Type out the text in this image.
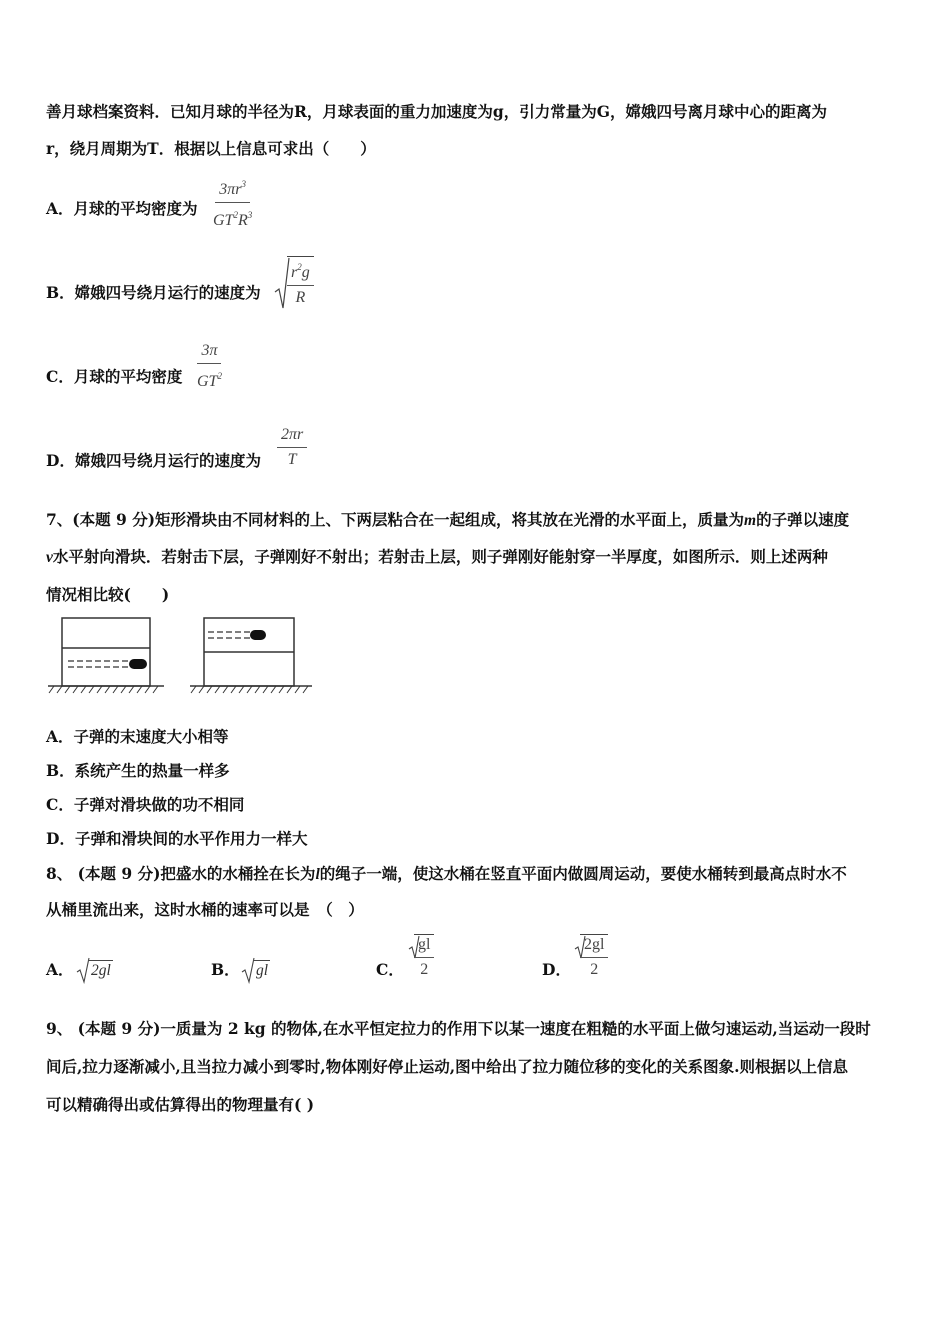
善月球档案资料．已知月球的半径为R，月球表面的重力加速度为g，引力常量为G，嫦娥四号离月球中心的距离为
r，绕月周期为T．根据以上信息可求出（　　）
A．月球的平均密度为 $\frac{3\pi r^3}{GT^2R^3}$
B．嫦娥四号绕月运行的速度为 $\frac{r^2g}{R}$
C．月球的平均密度 $\frac{3\pi}{GT^2}$
D．嫦娥四号绕月运行的速度为 $\frac{2\pi r}{T}$
7、(本题 9 分)矩形滑块由不同材料的上、下两层粘合在一起组成，将其放在光滑的水平面上，质量为m的子弹以速度
v水平射向滑块．若射击下层，子弹刚好不射出；若射击上层，则子弹刚好能射穿一半厚度，如图所示．则上述两种
情况相比较(　　)
A．子弹的末速度大小相等
B．系统产生的热量一样多
C．子弹对滑块做的功不相同
D．子弹和滑块间的水平作用力一样大
8、 (本题 9 分)把盛水的水桶拴在长为l的绳子一端，使这水桶在竖直平面内做圆周运动，要使水桶转到最高点时水不
从桶里流出来，这时水桶的速率可以是　（　）
A． 2gl	B． gl	C． $\frac{gl}{2}$	D． $\frac{2gl}{2}$
9、 (本题 9 分)一质量为 2 kg 的物体,在水平恒定拉力的作用下以某一速度在粗糙的水平面上做匀速运动,当运动一段时
间后,拉力逐渐减小,且当拉力减小到零时,物体刚好停止运动,图中给出了拉力随位移的变化的关系图象.则根据以上信息
可以精确得出或估算得出的物理量有( )
